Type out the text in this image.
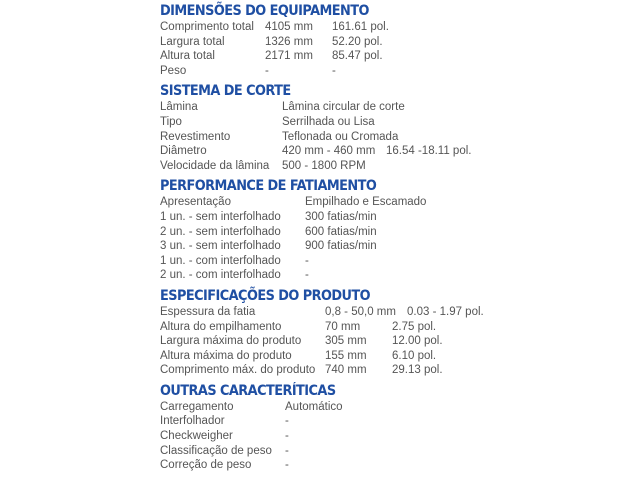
DIMENSÕES DO EQUIPAMENTO
Comprimento total 4105 mm 161.61 pol.
Largura total	1326 mm 52.20 pol.
Altura total	2171 mm 85.47 pol.
Peso	-	-
SISTEMA DE CORTE
Lâmina	Lâmina circular de corte
Tipo	Serrilhada ou Lisa
Revestimento	Teflonada ou Cromada
Diâmetro	420 mm - 460 mm 16.54 -18.11 pol.
Velocidade da lâmina 500 - 1800 RPM
PERFORMANCE DE FATIAMENTO
Apresentação	Empilhado e Escamado
1 un. - sem interfolhado 300 fatias/min
2 un. - sem interfolhado 600 fatias/min
3 un. - sem interfolhado 900 fatias/min
1 un. - com interfolhado -
2 un. - com interfolhado -
ESPECIFICAÇÕES DO PRODUTO
Espessura da fatia	0,8 - 50,0 mm 0.03 - 1.97 pol.
Altura do empilhamento	70 mm	2.75 pol.
Largura máxima do produto 305 mm 12.00 pol.
Altura máxima do produto	155 mm 6.10 pol.
Comprimento máx. do produto 740 mm 29.13 pol.
OUTRAS CARACTERÍTICAS
Carregamento	Automático
Interfolhador	-
Checkweigher	-
Classificação de peso -
Correção de peso	-
